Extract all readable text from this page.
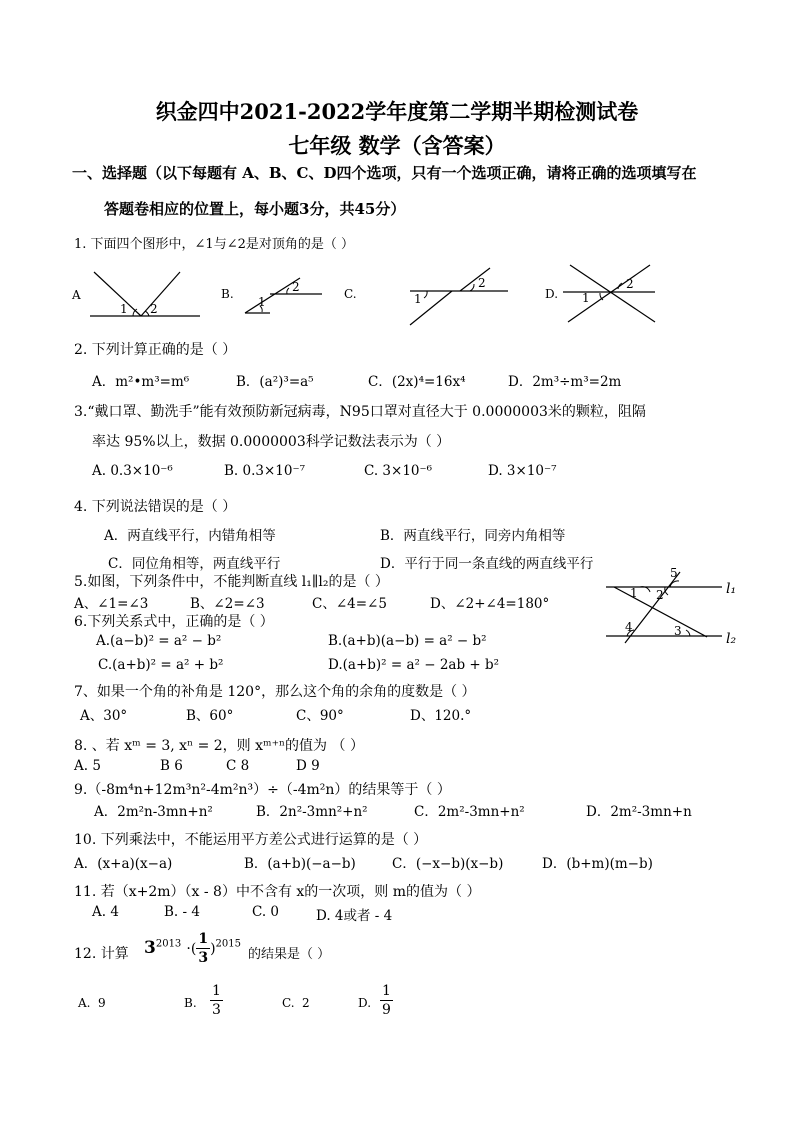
织金四中2021-2022学年度第二学期半期检测试卷
七年级 数学（含答案）
一、选择题（以下每题有 A、B、C、D四个选项，只有一个选项正确，请将正确的选项填写在
答题卷相应的位置上，每小题3分，共45分）
1. 下面四个图形中，∠1与∠2是对顶角的是（ ）
A	B.	C.	D.
1 2
2
1	1
2
1
2
1 2
3
4
5
l₁
l₂
2. 下列计算正确的是（ ）
A．m²•m³=m⁶	B．(a²)³=a⁵	C．(2x)⁴=16x⁴	D．2m³÷m³=2m
3.“戴口罩、勤洗手”能有效预防新冠病毒，N95口罩对直径大于 0.0000003米的颗粒，阻隔
率达 95%以上，数据 0.0000003科学记数法表示为（ ）
A. 0.3×10⁻⁶	B. 0.3×10⁻⁷	C. 3×10⁻⁶	D. 3×10⁻⁷
4. 下列说法错误的是（ ）
A．两直线平行，内错角相等	B．两直线平行，同旁内角相等
C．同位角相等，两直线平行	D．平行于同一条直线的两直线平行
5.如图，下列条件中，不能判断直线 l₁∥l₂的是（ ）
A、∠1=∠3	B、∠2=∠3	C、∠4=∠5	D、∠2+∠4=180°
6.下列关系式中，正确的是（ ）
A.(a−b)² = a² − b²	B.(a+b)(a−b) = a² − b²
C.(a+b)² = a² + b²	D.(a+b)² = a² − 2ab + b²
7、如果一个角的补角是 120°，那么这个角的余角的度数是（ ）
A、30°	B、60°	C、90°	D、120.°
8. 、若 xᵐ = 3, xⁿ = 2，则 xᵐ⁺ⁿ的值为 （ ）
A. 5	B 6	C 8	D 9
9.（-8m⁴n+12m³n²-4m²n³）÷（-4m²n）的结果等于（ ）
A．2m²n-3mn+n²	B．2n²-3mn²+n²	C．2m²-3mn+n²	D．2m²-3mn+n
10. 下列乘法中，不能运用平方差公式进行运算的是（ ）
A．(x+a)(x−a)	B．(a+b)(−a−b)	C．(−x−b)(x−b)	D．(b+m)(m−b)
11. 若（x+2m）（x - 8）中不含有 x的一次项，则 m的值为（ ）
A. 4	B. - 4	C. 0	D. 4或者 - 4
12. 计算 $3^{2013}$ ·( $\frac{1}{3} )^{2015}$
的结果是（ ）
A. 9	B. $\frac{1}{3}$	C. 2	D. $\frac{1}{9}$
